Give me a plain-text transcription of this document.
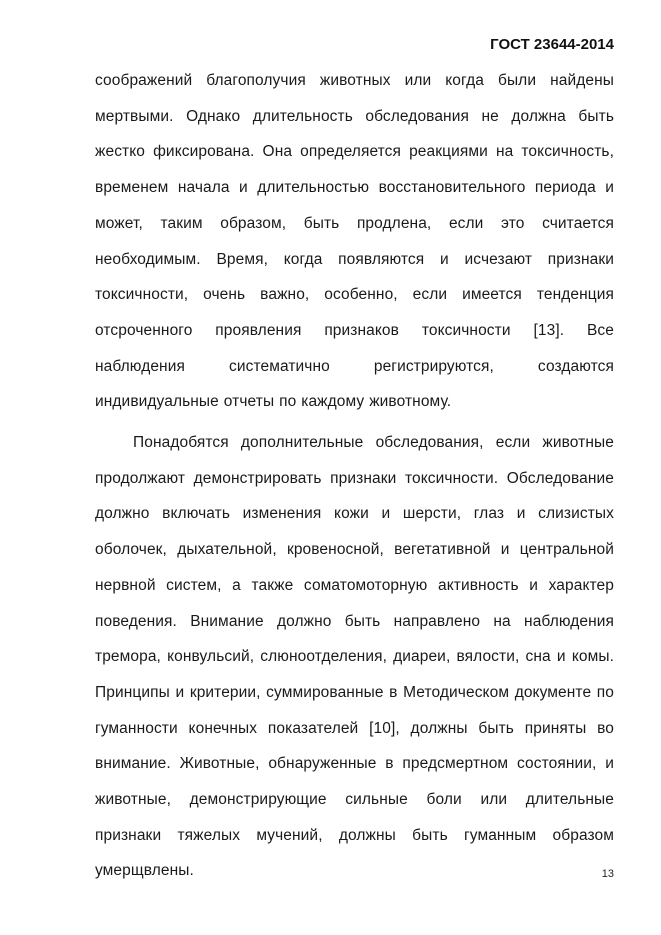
ГОСТ 23644-2014

соображений благополучия животных или когда были найдены мертвыми. Однако длительность обследования не должна быть жестко фиксирована. Она определяется реакциями на токсичность, временем начала и длительностью восстановительного периода и может, таким образом, быть продлена, если это считается необходимым. Время, когда появляются и исчезают признаки токсичности, очень важно, особенно, если имеется тенденция отсроченного проявления признаков токсичности [13]. Все наблюдения систематично регистрируются, создаются индивидуальные отчеты по каждому животному.

Понадобятся дополнительные обследования, если животные продолжают демонстрировать признаки токсичности. Обследование должно включать изменения кожи и шерсти, глаз и слизистых оболочек, дыхательной, кровеносной, вегетативной и центральной нервной систем, а также соматомоторную активность и характер поведения. Внимание должно быть направлено на наблюдения тремора, конвульсий, слюноотделения, диареи, вялости, сна и комы. Принципы и критерии, суммированные в Методическом документе по гуманности конечных показателей [10], должны быть приняты во внимание. Животные, обнаруженные в предсмертном состоянии, и животные, демонстрирующие сильные боли или длительные признаки тяжелых мучений, должны быть гуманным образом умерщвлены.	13
